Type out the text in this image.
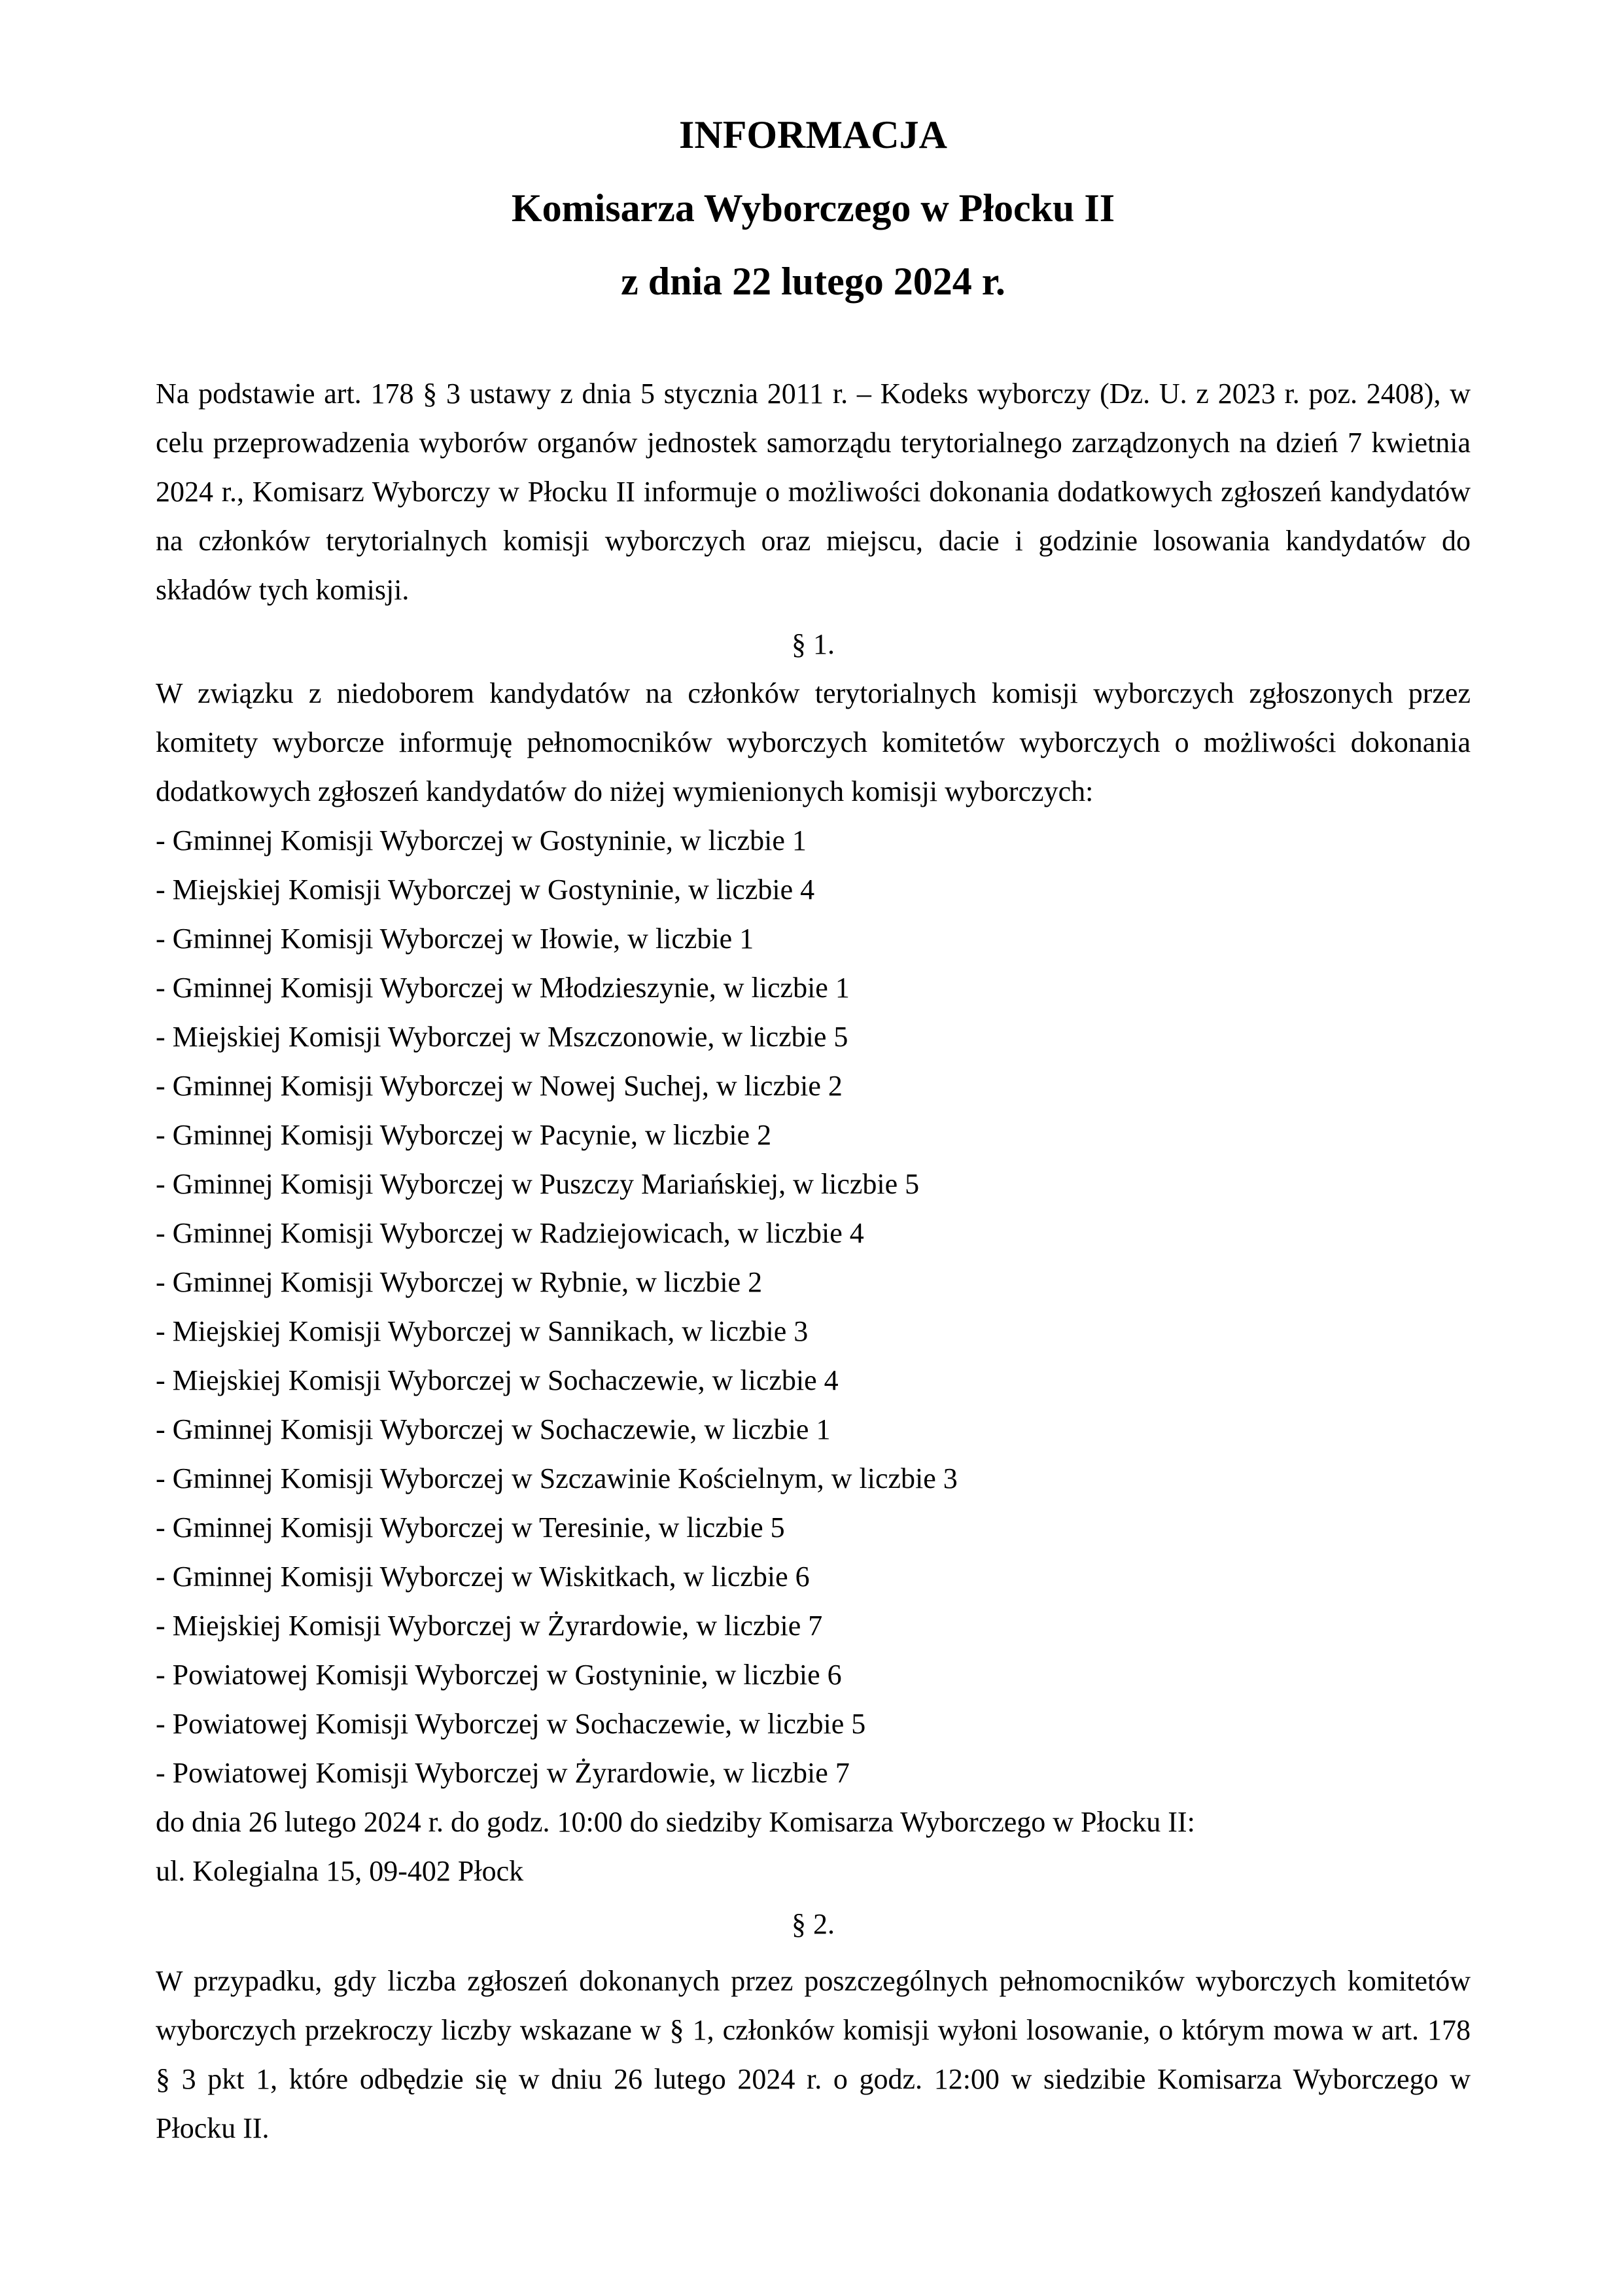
INFORMACJA
Komisarza Wyborczego w Płocku II
z dnia 22 lutego 2024 r.

Na podstawie art. 178 § 3 ustawy z dnia 5 stycznia 2011 r. – Kodeks wyborczy (Dz. U. z 2023 r. poz. 2408), w celu przeprowadzenia wyborów organów jednostek samorządu terytorialnego zarządzonych na dzień 7 kwietnia 2024 r., Komisarz Wyborczy w Płocku II informuje o możliwości dokonania dodatkowych zgłoszeń kandydatów na członków terytorialnych komisji wyborczych oraz miejscu, dacie i godzinie losowania kandydatów do składów tych komisji.

§ 1.

W związku z niedoborem kandydatów na członków terytorialnych komisji wyborczych zgłoszonych przez komitety wyborcze informuję pełnomocników wyborczych komitetów wyborczych o możliwości dokonania dodatkowych zgłoszeń kandydatów do niżej wymienionych komisji wyborczych:

- Gminnej Komisji Wyborczej w Gostyninie, w liczbie 1
- Miejskiej Komisji Wyborczej w Gostyninie, w liczbie 4
- Gminnej Komisji Wyborczej w Iłowie, w liczbie 1
- Gminnej Komisji Wyborczej w Młodzieszynie, w liczbie 1
- Miejskiej Komisji Wyborczej w Mszczonowie, w liczbie 5
- Gminnej Komisji Wyborczej w Nowej Suchej, w liczbie 2
- Gminnej Komisji Wyborczej w Pacynie, w liczbie 2
- Gminnej Komisji Wyborczej w Puszczy Mariańskiej, w liczbie 5
- Gminnej Komisji Wyborczej w Radziejowicach, w liczbie 4
- Gminnej Komisji Wyborczej w Rybnie, w liczbie 2
- Miejskiej Komisji Wyborczej w Sannikach, w liczbie 3
- Miejskiej Komisji Wyborczej w Sochaczewie, w liczbie 4
- Gminnej Komisji Wyborczej w Sochaczewie, w liczbie 1
- Gminnej Komisji Wyborczej w Szczawinie Kościelnym, w liczbie 3
- Gminnej Komisji Wyborczej w Teresinie, w liczbie 5
- Gminnej Komisji Wyborczej w Wiskitkach, w liczbie 6
- Miejskiej Komisji Wyborczej w Żyrardowie, w liczbie 7
- Powiatowej Komisji Wyborczej w Gostyninie, w liczbie 6
- Powiatowej Komisji Wyborczej w Sochaczewie, w liczbie 5
- Powiatowej Komisji Wyborczej w Żyrardowie, w liczbie 7

do dnia 26 lutego 2024 r. do godz. 10:00 do siedziby Komisarza Wyborczego w Płocku II:

ul. Kolegialna 15, 09-402 Płock

§ 2.

W przypadku, gdy liczba zgłoszeń dokonanych przez poszczególnych pełnomocników wyborczych komitetów wyborczych przekroczy liczby wskazane w § 1, członków komisji wyłoni losowanie, o którym mowa w art. 178 § 3 pkt 1, które odbędzie się w dniu 26 lutego 2024 r. o godz. 12:00 w siedzibie Komisarza Wyborczego w Płocku II.
